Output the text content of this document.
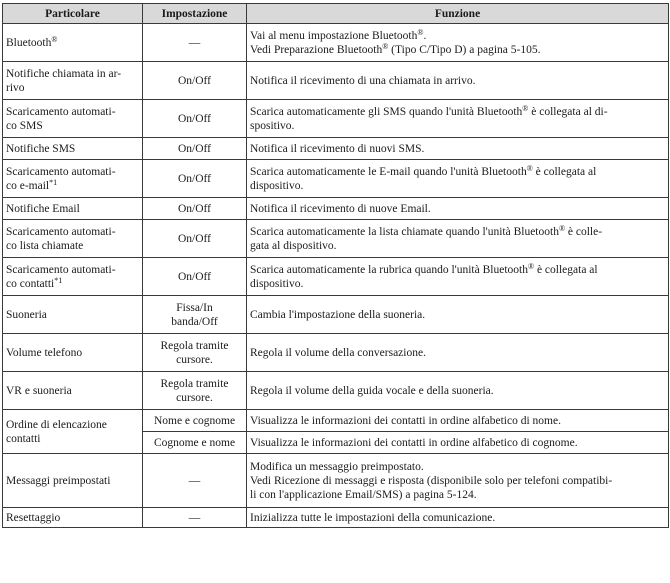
Particolare	Impostazione	Funzione
Bluetooth®	—	Vai al menu impostazione Bluetooth®.
Vedi Preparazione Bluetooth® (Tipo C/Tipo D) a pagina 5-105.

Notifiche chiamata in ar-
rivo	On/Off	Notifica il ricevimento di una chiamata in arrivo.

Scaricamento automati-
co SMS	On/Off	Scarica automaticamente gli SMS quando l'unità Bluetooth® è collegata al di-
spositivo.

Notifiche SMS	On/Off	Notifica il ricevimento di nuovi SMS.

Scaricamento automati-
co e-mail$^{*1}$	On/Off	Scarica automaticamente le E-mail quando l'unità Bluetooth® è collegata al
dispositivo.

Notifiche Email	On/Off	Notifica il ricevimento di nuove Email.

Scaricamento automati-
co lista chiamate	On/Off	Scarica automaticamente la lista chiamate quando l'unità Bluetooth® è colle-
gata al dispositivo.

Scaricamento automati-
co contatti$^{*1}$	On/Off	Scarica automaticamente la rubrica quando l'unità Bluetooth® è collegata al
dispositivo.

Suoneria	Fissa/In
banda/Off	Cambia l'impostazione della suoneria.
Volume telefono	Regola tramite
cursore.	Regola il volume della conversazione.
VR e suoneria	Regola tramite
cursore.	Regola il volume della guida vocale e della suoneria.

Ordine di elencazione
contatti	Nome e cognome	Visualizza le informazioni dei contatti in ordine alfabetico di nome.
	Cognome e nome	Visualizza le informazioni dei contatti in ordine alfabetico di cognome.
Messaggi preimpostati	—	Modifica un messaggio preimpostato.
Vedi Ricezione di messaggi e risposta (disponibile solo per telefoni compatibi-
li con l'applicazione Email/SMS) a pagina 5-124.

Resettaggio	—	Inizializza tutte le impostazioni della comunicazione.
